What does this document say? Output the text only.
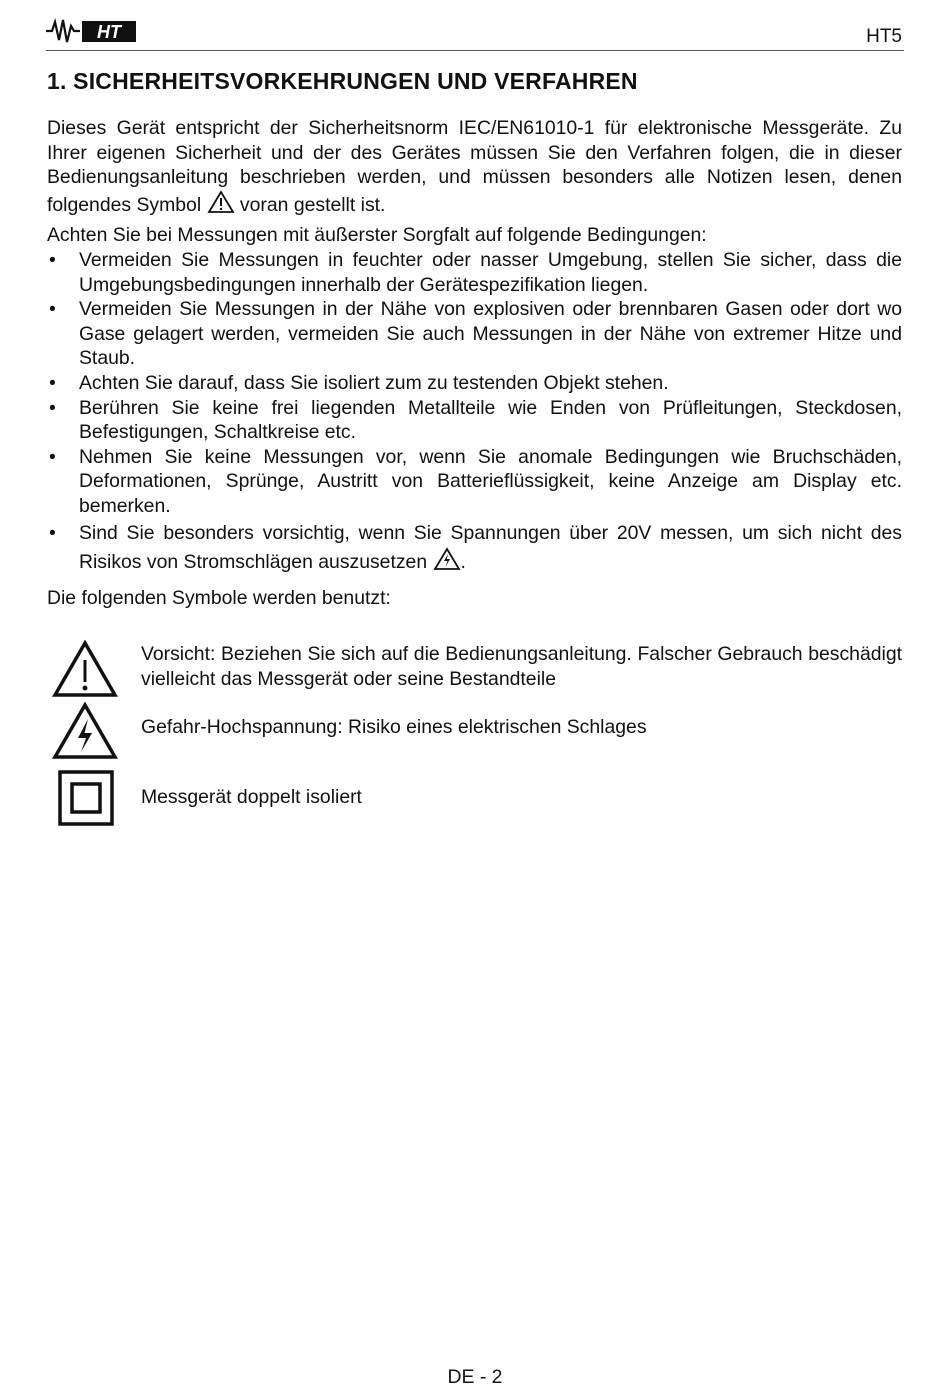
HT	HT5
1. SICHERHEITSVORKEHRUNGEN UND VERFAHREN
Dieses Gerät entspricht der Sicherheitsnorm IEC/EN61010-1 für elektronische Messgeräte. Zu Ihrer eigenen Sicherheit und der des Gerätes müssen Sie den Verfahren folgen, die in dieser Bedienungsanleitung beschrieben werden, und müssen besonders alle Notizen lesen, denen folgendes Symbol voran gestellt ist.
Achten Sie bei Messungen mit äußerster Sorgfalt auf folgende Bedingungen:
• Vermeiden Sie Messungen in feuchter oder nasser Umgebung, stellen Sie sicher, dass die Umgebungsbedingungen innerhalb der Gerätespezifikation liegen.
• Vermeiden Sie Messungen in der Nähe von explosiven oder brennbaren Gasen oder dort wo Gase gelagert werden, vermeiden Sie auch Messungen in der Nähe von extremer Hitze und Staub.
• Achten Sie darauf, dass Sie isoliert zum zu testenden Objekt stehen.
• Berühren Sie keine frei liegenden Metallteile wie Enden von Prüfleitungen, Steckdosen, Befestigungen, Schaltkreise etc.
• Nehmen Sie keine Messungen vor, wenn Sie anomale Bedingungen wie Bruchschäden, Deformationen, Sprünge, Austritt von Batterieflüssigkeit, keine Anzeige am Display etc. bemerken.
• Sind Sie besonders vorsichtig, wenn Sie Spannungen über 20V messen, um sich nicht des Risikos von Stromschlägen auszusetzen .
Die folgenden Symbole werden benutzt:
Vorsicht: Beziehen Sie sich auf die Bedienungsanleitung. Falscher Gebrauch beschädigt vielleicht das Messgerät oder seine Bestandteile
Gefahr-Hochspannung: Risiko eines elektrischen Schlages
Messgerät doppelt isoliert
DE - 2
